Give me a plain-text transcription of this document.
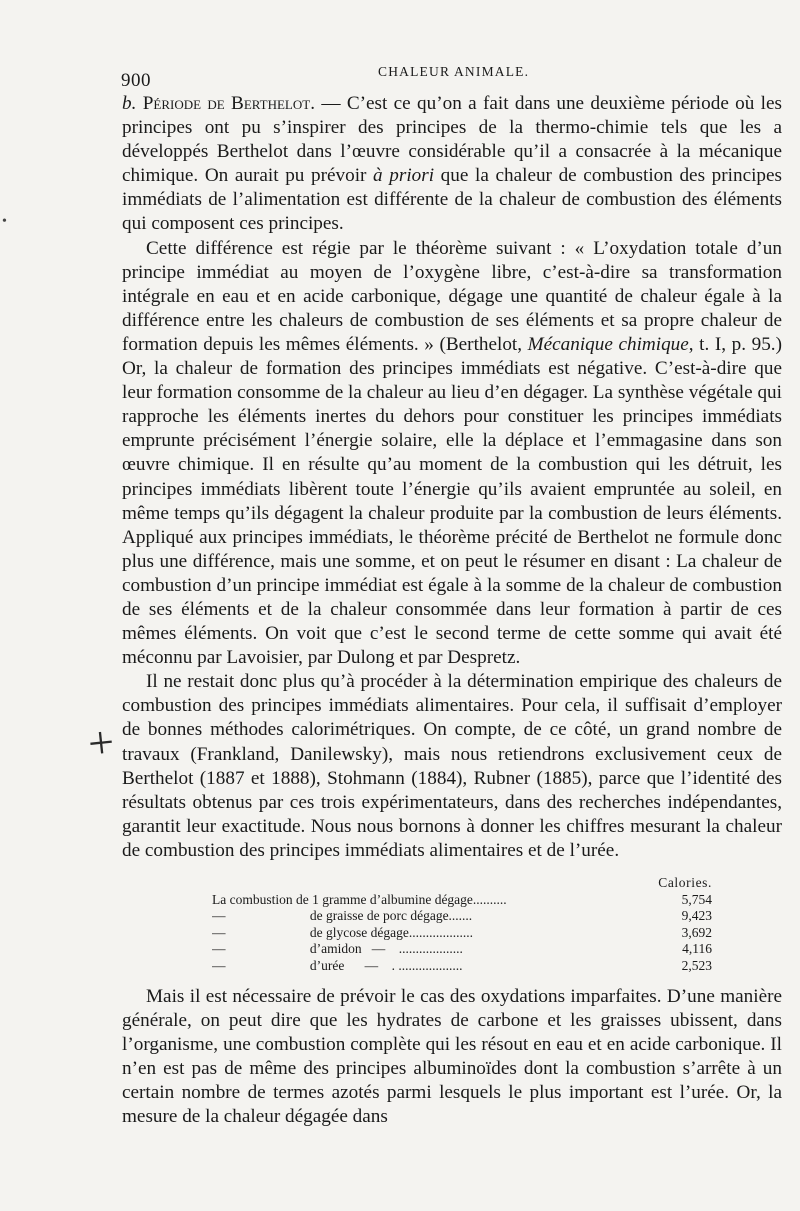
•
+
900	CHALEUR ANIMALE.

b. Période de Berthelot. — C’est ce qu’on a fait dans une deuxième période où les principes ont pu s’inspirer des principes de la thermo-chimie tels que les a développés Berthelot dans l’œuvre considérable qu’il a consacrée à la mécanique chimique. On aurait pu prévoir à priori que la chaleur de combustion des principes immédiats de l’alimentation est différente de la chaleur de combustion des éléments qui composent ces principes.

Cette différence est régie par le théorème suivant : « L’oxydation totale d’un principe immédiat au moyen de l’oxygène libre, c’est-à-dire sa transformation intégrale en eau et en acide carbonique, dégage une quantité de chaleur égale à la différence entre les chaleurs de combustion de ses éléments et sa propre chaleur de formation depuis les mêmes éléments. » (Berthelot, Mécanique chimique, t. I, p. 95.) Or, la chaleur de formation des principes immédiats est négative. C’est-à-dire que leur formation consomme de la chaleur au lieu d’en dégager. La synthèse végétale qui rapproche les éléments inertes du dehors pour constituer les principes immédiats emprunte précisément l’énergie solaire, elle la déplace et l’emmagasine dans son œuvre chimique. Il en résulte qu’au moment de la combustion qui les détruit, les principes immédiats libèrent toute l’énergie qu’ils avaient empruntée au soleil, en même temps qu’ils dégagent la chaleur produite par la combustion de leurs éléments. Appliqué aux principes immédiats, le théorème précité de Berthelot ne formule donc plus une différence, mais une somme, et on peut le résumer en disant : La chaleur de combustion d’un principe immédiat est égale à la somme de la chaleur de combustion de ses éléments et de la chaleur consommée dans leur formation à partir de ces mêmes éléments. On voit que c’est le second terme de cette somme qui avait été méconnu par Lavoisier, par Dulong et par Despretz.

Il ne restait donc plus qu’à procéder à la détermination empirique des chaleurs de combustion des principes immédiats alimentaires. Pour cela, il suffisait d’employer de bonnes méthodes calorimétriques. On compte, de ce côté, un grand nombre de travaux (Frankland, Danilewsky), mais nous retiendrons exclusivement ceux de Berthelot (1887 et 1888), Stohmann (1884), Rubner (1885), parce que l’identité des résultats obtenus par ces trois expérimentateurs, dans des recherches indépendantes, garantit leur exactitude. Nous nous bornons à donner les chiffres mesurant la chaleur de combustion des principes immédiats alimentaires et de l’urée.

Calories.
La combustion de 1 gramme d’albumine dégage..........	5,754
—                         de graisse de porc dégage.......	9,423
—                         de glycose dégage...................	3,692
—                         d’amidon   —    ...................	4,116
—                         d’urée      —    . ...................	2,523

Mais il est nécessaire de prévoir le cas des oxydations imparfaites. D’une manière générale, on peut dire que les hydrates de carbone et les graisses ubissent, dans l’organisme, une combustion complète qui les résout en eau et en acide carbonique. Il n’en est pas de même des principes albuminoïdes dont la combustion s’arrête à un certain nombre de termes azotés parmi lesquels le plus important est l’urée. Or, la mesure de la chaleur dégagée dans
